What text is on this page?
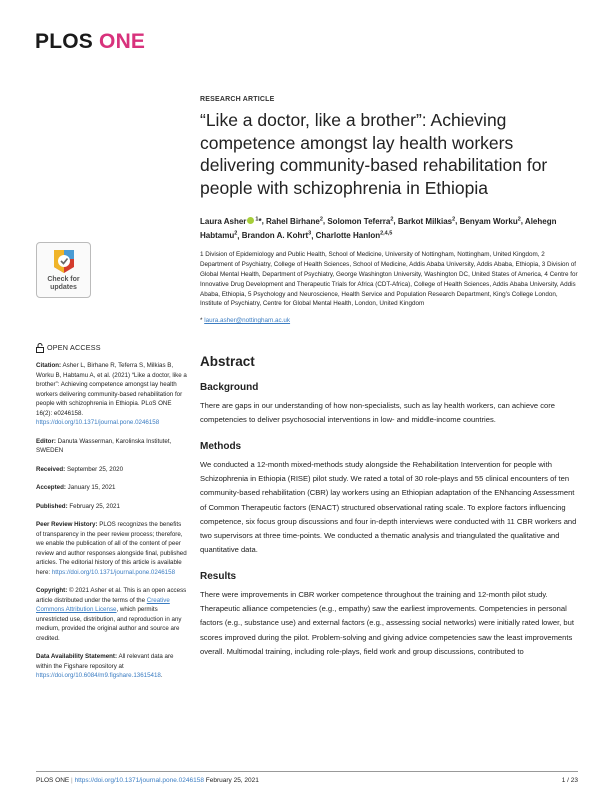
PLOS ONE
Check for
updates
OPEN ACCESS

Citation: Asher L, Birhane R, Teferra S, Milkias B, Worku B, Habtamu A, et al. (2021) “Like a doctor, like a brother”: Achieving competence amongst lay health workers delivering community-based rehabilitation for people with schizophrenia in Ethiopia. PLoS ONE 16(2): e0246158. https://doi.org/10.1371/journal.pone.0246158

Editor: Danuta Wasserman, Karolinska Institutet, SWEDEN

Received: September 25, 2020

Accepted: January 15, 2021

Published: February 25, 2021

Peer Review History: PLOS recognizes the benefits of transparency in the peer review process; therefore, we enable the publication of all of the content of peer review and author responses alongside final, published articles. The editorial history of this article is available here: https://doi.org/10.1371/journal.pone.0246158

Copyright: © 2021 Asher et al. This is an open access article distributed under the terms of the Creative Commons Attribution License, which permits unrestricted use, distribution, and reproduction in any medium, provided the original author and source are credited.

Data Availability Statement: All relevant data are within the Figshare repository at https://doi.org/10.6084/m9.figshare.13615418.

RESEARCH ARTICLE
“Like a doctor, like a brother”: Achieving competence amongst lay health workers delivering community-based rehabilitation for people with schizophrenia in Ethiopia
Laura Asher $^1$*, Rahel Birhane$^2$, Solomon Teferra$^2$, Barkot Milkias$^2$, Benyam Worku$^2$, Alehegn Habtamu$^2$, Brandon A. Kohrt$^3$, Charlotte Hanlon$^{2,4,5}$
1 Division of Epidemiology and Public Health, School of Medicine, University of Nottingham, Nottingham, United Kingdom, 2 Department of Psychiatry, College of Health Sciences, School of Medicine, Addis Ababa University, Addis Ababa, Ethiopia, 3 Division of Global Mental Health, Department of Psychiatry, George Washington University, Washington DC, United States of America, 4 Centre for Innovative Drug Development and Therapeutic Trials for Africa (CDT-Africa), College of Health Sciences, Addis Ababa University, Addis Ababa, Ethiopia, 5 Psychology and Neuroscience, Health Service and Population Research Department, King’s College London, Institute of Psychiatry, Centre for Global Mental Health, London, United Kingdom
* laura.asher@nottingham.ac.uk
Abstract
Background

There are gaps in our understanding of how non-specialists, such as lay health workers, can achieve core competencies to deliver psychosocial interventions in low- and middle-income countries.

Methods

We conducted a 12-month mixed-methods study alongside the Rehabilitation Intervention for people with Schizophrenia in Ethiopia (RISE) pilot study. We rated a total of 30 role-plays and 55 clinical encounters of ten community-based rehabilitation (CBR) lay workers using an Ethiopian adaptation of the ENhancing Assessment of Common Therapeutic factors (ENACT) structured observational rating scale. To explore factors influencing competence, six focus group discussions and four in-depth interviews were conducted with 11 CBR workers and two supervisors at three time-points. We conducted a thematic analysis and triangulated the qualitative and quantitative data.

Results

There were improvements in CBR worker competence throughout the training and 12-month pilot study. Therapeutic alliance competencies (e.g., empathy) saw the earliest improvements. Competencies in personal factors (e.g., substance use) and external factors (e.g., assessing social networks) were initially rated lower, but scores improved during the pilot. Problem-solving and giving advice competencies saw the least improvements overall. Multimodal training, including role-plays, field work and group discussions, contributed to

PLOS ONE | https://doi.org/10.1371/journal.pone.0246158 February 25, 2021	1 / 23
